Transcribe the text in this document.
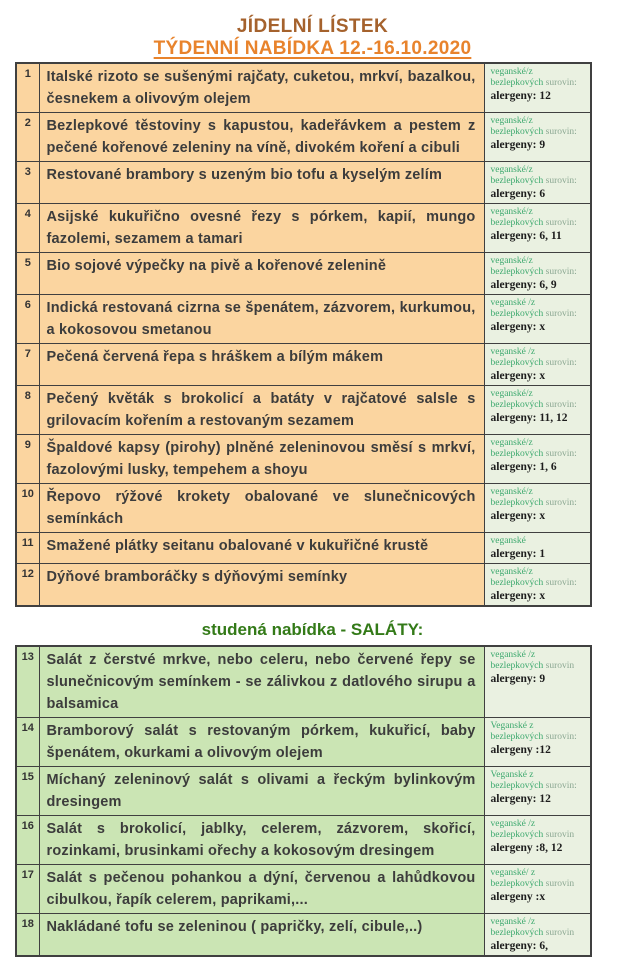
JÍDELNÍ LÍSTEK
TÝDENNÍ NABÍDKA 12.-16.10.2020
1	Italské rizoto se sušenými rajčaty, cuketou, mrkví, bazalkou, česnekem a olivovým olejem	veganské/z bezlepkových surovin:
alergeny: 12

2	Bezlepkové těstoviny s kapustou, kadeřávkem a pestem z pečené kořenové zeleniny na víně, divokém koření a cibuli	veganské/z bezlepkových surovin:
alergeny: 9

3	Restované brambory s uzeným bio tofu a kyselým zelím	veganské/z bezlepkových surovin:
alergeny: 6

4	Asijské kukuřično ovesné řezy s pórkem, kapií, mungo fazolemi, sezamem a tamari	veganské/z bezlepkových surovin:
alergeny: 6, 11

5	Bio sojové výpečky na pivě a kořenové zelenině	veganské/z bezlepkových surovin:
alergeny: 6, 9

6	Indická restovaná cizrna se špenátem, zázvorem, kurkumou, a kokosovou smetanou	veganské /z bezlepkových surovin:
alergeny: x

7	Pečená červená řepa s hráškem a bílým mákem	veganské /z bezlepkových surovin:
alergeny: x

8	Pečený květák s brokolicí a batáty v rajčatové salsle s grilovacím kořením a restovaným sezamem	veganské/z bezlepkových surovin:
alergeny: 11, 12

9	Špaldové kapsy (pirohy) plněné zeleninovou směsí s mrkví, fazolovými lusky, tempehem a shoyu	veganské/z bezlepkových surovin:
alergeny: 1, 6

10	Řepovo rýžové krokety obalované ve slunečnicových semínkách	veganské/z bezlepkových surovin:
alergeny: x

11	Smažené plátky seitanu obalované v kukuřičné krustě	veganské
alergeny: 1

12	Dýňové bramboráčky s dýňovými semínky	veganské/z bezlepkových surovin:
alergeny: x
studená nabídka - SALÁTY:
13	Salát z čerstvé mrkve, nebo celeru, nebo červené řepy se slunečnicovým semínkem - se zálivkou z datlového sirupu a balsamica	veganské /z bezlepkových surovin
alergeny: 9

14	Bramborový salát s restovaným pórkem, kukuřicí, baby špenátem, okurkami a olivovým olejem	Veganské z bezlepkových surovin:
alergeny :12

15	Míchaný zeleninový salát s olivami a řeckým bylinkovým dresingem	Veganské z bezlepkových surovin:
alergeny: 12

16	Salát s brokolicí, jablky, celerem, zázvorem, skořicí, rozinkami, brusinkami ořechy a kokosovým dresingem	veganské /z bezlepkových surovin
alergeny :8, 12

17	Salát s pečenou pohankou a dýní, červenou a lahůdkovou cibulkou, řapík celerem, paprikami,...	veganské/ z bezlepkových surovin
alergeny :x

18	Nakládané tofu se zeleninou ( papričky, zelí, cibule,..)	veganské /z bezlepkových surovin
alergeny: 6,
